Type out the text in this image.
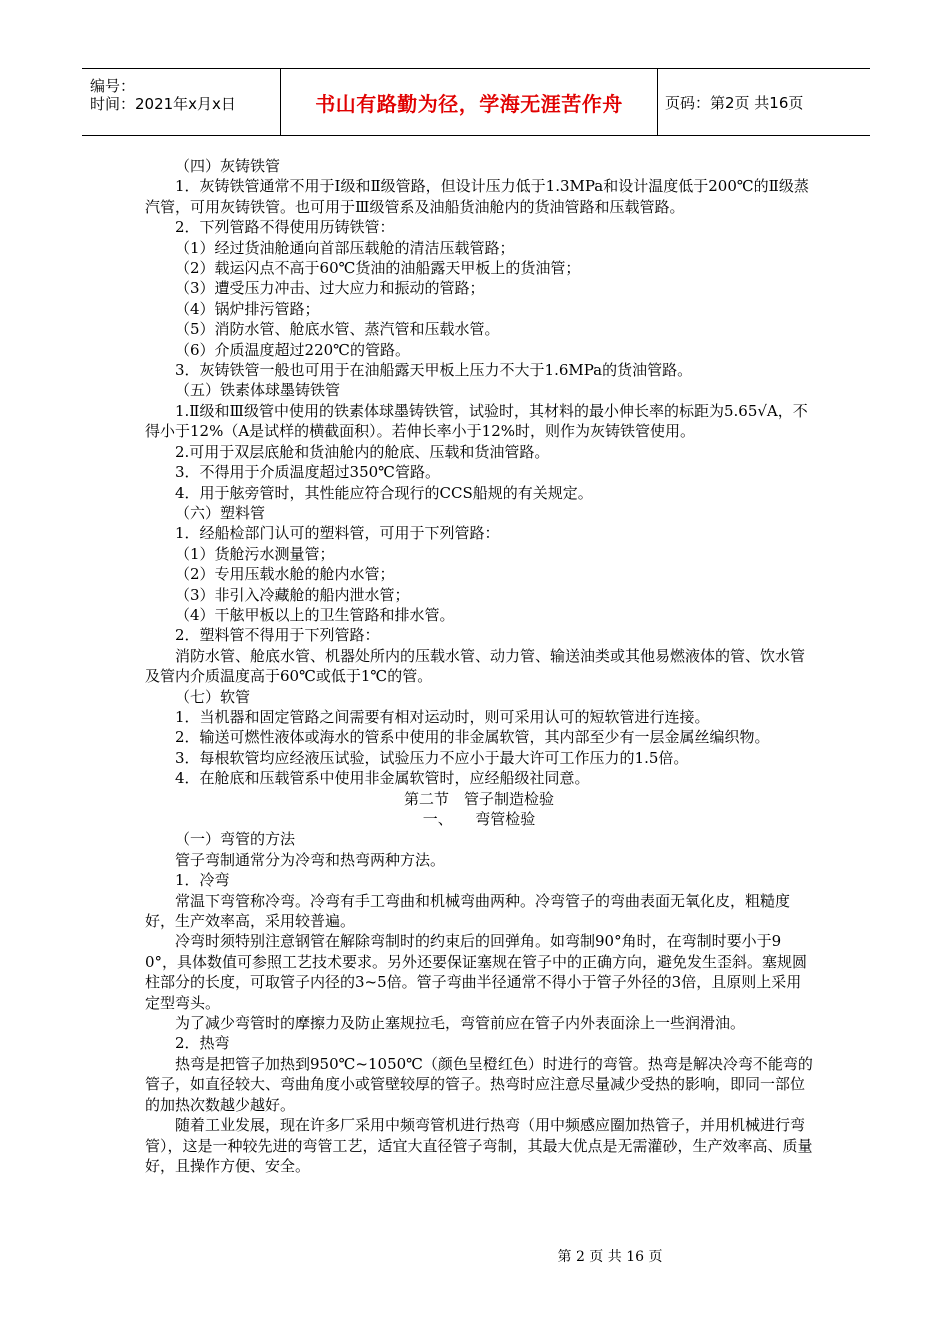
编号：
时间：2021年x月x日	书山有路勤为径，学海无涯苦作舟	页码：第2页 共16页

（四）灰铸铁管

1．灰铸铁管通常不用于Ⅰ级和Ⅱ级管路，但设计压力低于1.3MPa和设计温度低于200℃的Ⅱ级蒸汽管，可用灰铸铁管。也可用于Ⅲ级管系及油船货油舱内的货油管路和压载管路。

2．下列管路不得使用历铸铁管：

（1）经过货油舱通向首部压载舱的清洁压载管路；

（2）载运闪点不高于60℃货油的油船露天甲板上的货油管；

（3）遭受压力冲击、过大应力和振动的管路；

（4）锅炉排污管路；

（5）消防水管、舱底水管、蒸汽管和压载水管。

（6）介质温度超过220℃的管路。

3．灰铸铁管一般也可用于在油船露天甲板上压力不大于1.6MPa的货油管路。

（五）铁素体球墨铸铁管

1.Ⅱ级和Ⅲ级管中使用的铁素体球墨铸铁管，试验时，其材料的最小伸长率的标距为5.65√A，不得小于12%（A是试样的横截面积）。若伸长率小于12%时，则作为灰铸铁管使用。

2.可用于双层底舱和货油舱内的舱底、压载和货油管路。

3．不得用于介质温度超过350℃管路。

4．用于舷旁管时，其性能应符合现行的CCS船规的有关规定。

（六）塑料管

1．经船检部门认可的塑料管，可用于下列管路：

（1）货舱污水测量管；

（2）专用压载水舱的舱内水管；

（3）非引入冷藏舱的船内泄水管；

（4）干舷甲板以上的卫生管路和排水管。

2．塑料管不得用于下列管路：

消防水管、舱底水管、机器处所内的压载水管、动力管、输送油类或其他易燃液体的管、饮水管及管内介质温度高于60℃或低于1℃的管。

（七）软管

1．当机器和固定管路之间需要有相对运动时，则可采用认可的短软管进行连接。

2．输送可燃性液体或海水的管系中使用的非金属软管，其内部至少有一层金属丝编织物。

3．每根软管均应经液压试验，试验压力不应小于最大许可工作压力的1.5倍。

4．在舱底和压载管系中使用非金属软管时，应经船级社同意。

第二节　管子制造检验

一、　　弯管检验

（一）弯管的方法

管子弯制通常分为冷弯和热弯两种方法。

1．冷弯

常温下弯管称冷弯。冷弯有手工弯曲和机械弯曲两种。冷弯管子的弯曲表面无氧化皮，粗糙度好，生产效率高，采用较普遍。

冷弯时须特别注意钢管在解除弯制时的约束后的回弹角。如弯制90°角时，在弯制时要小于90°，具体数值可参照工艺技术要求。另外还要保证塞规在管子中的正确方向，避免发生歪斜。塞规圆柱部分的长度，可取管子内径的3~5倍。管子弯曲半径通常不得小于管子外径的3倍，且原则上采用定型弯头。

为了减少弯管时的摩擦力及防止塞规拉毛，弯管前应在管子内外表面涂上一些润滑油。

2．热弯

热弯是把管子加热到950℃~1050℃（颜色呈橙红色）时进行的弯管。热弯是解决冷弯不能弯的管子，如直径较大、弯曲角度小或管壁较厚的管子。热弯时应注意尽量减少受热的影响，即同一部位的加热次数越少越好。

随着工业发展，现在许多厂采用中频弯管机进行热弯（用中频感应圈加热管子，并用机械进行弯管），这是一种较先进的弯管工艺，适宜大直径管子弯制，其最大优点是无需灌砂，生产效率高、质量好，且操作方便、安全。

第 2 页 共 16 页
